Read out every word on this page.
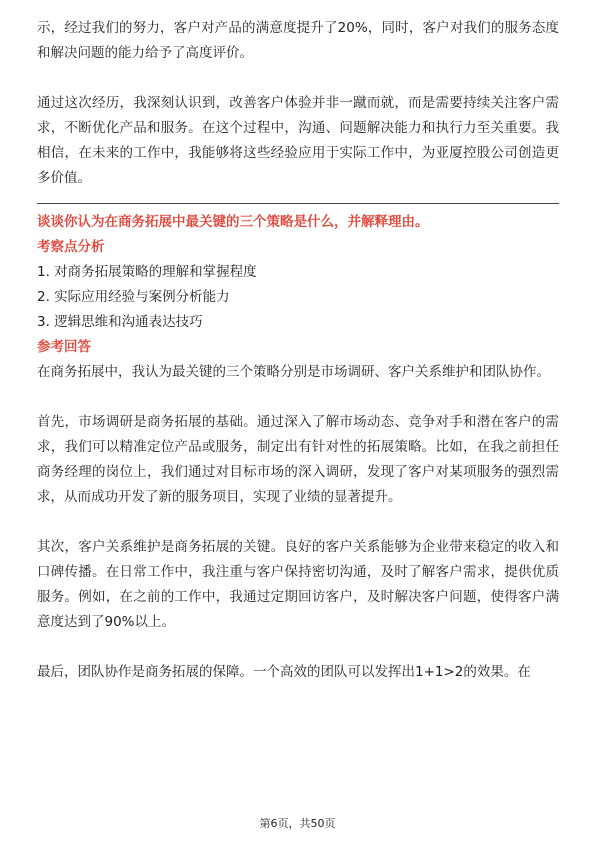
示，经过我们的努力，客户对产品的满意度提升了20%，同时，客户对我们的服务态度和解决问题的能力给予了高度评价。

通过这次经历，我深刻认识到，改善客户体验并非一蹴而就，而是需要持续关注客户需求，不断优化产品和服务。在这个过程中，沟通、问题解决能力和执行力至关重要。我相信，在未来的工作中，我能够将这些经验应用于实际工作中，为亚厦控股公司创造更多价值。

谈谈你认为在商务拓展中最关键的三个策略是什么，并解释理由。

考察点分析

1. 对商务拓展策略的理解和掌握程度

2. 实际应用经验与案例分析能力

3. 逻辑思维和沟通表达技巧

参考回答

在商务拓展中，我认为最关键的三个策略分别是市场调研、客户关系维护和团队协作。

首先，市场调研是商务拓展的基础。通过深入了解市场动态、竞争对手和潜在客户的需求，我们可以精准定位产品或服务，制定出有针对性的拓展策略。比如，在我之前担任商务经理的岗位上，我们通过对目标市场的深入调研，发现了客户对某项服务的强烈需求，从而成功开发了新的服务项目，实现了业绩的显著提升。

其次，客户关系维护是商务拓展的关键。良好的客户关系能够为企业带来稳定的收入和口碑传播。在日常工作中，我注重与客户保持密切沟通，及时了解客户需求，提供优质服务。例如，在之前的工作中，我通过定期回访客户，及时解决客户问题，使得客户满意度达到了90%以上。

最后，团队协作是商务拓展的保障。一个高效的团队可以发挥出1+1>2的效果。在

第6页，共50页
